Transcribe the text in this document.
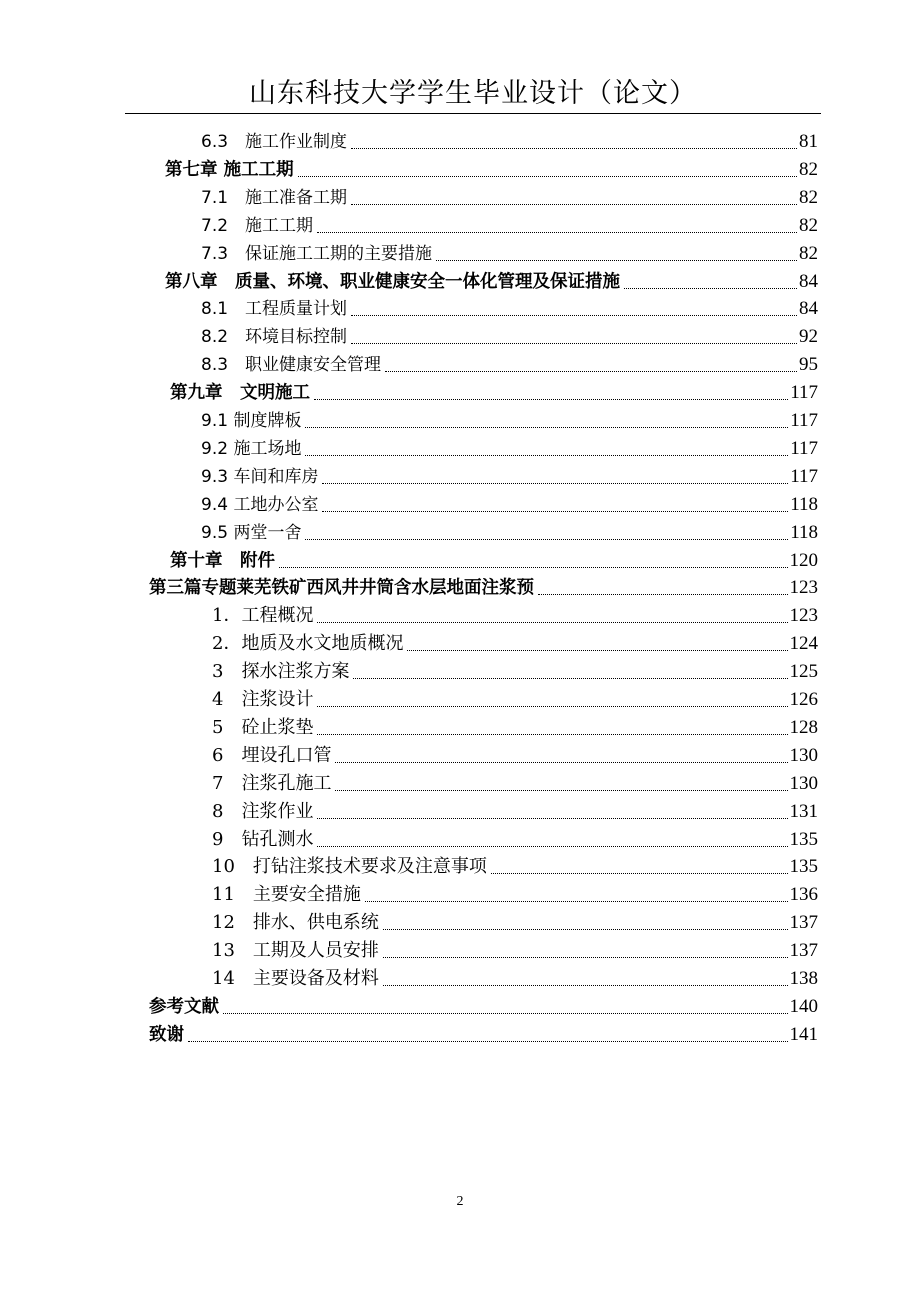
山东科技大学学生毕业设计（论文）
6.3　 施工作业制度	81
第七章 施工工期	82
7.1　 施工准备工期	82
7.2　 施工工期	82
7.3　 保证施工工期的主要措施	82
第八章　 质量、环境、职业健康安全一体化管理及保证措施	84
8.1　 工程质量计划	84
8.2　 环境目标控制	92
8.3　 职业健康安全管理	95
第九章　 文明施工	117
9.1 制度牌板	117
9.2 施工场地	117
9.3 车间和库房	117
9.4 工地办公室	118
9.5 两堂一舍	118
第十章　 附件	120
第三篇专题莱芜铁矿西风井井筒含水层地面注浆预	123
1． 工程概况	123
2． 地质及水文地质概况	124
3　 探水注浆方案	125
4　 注浆设计	126
5　 砼止浆垫	128
6　 埋设孔口管	130
7　 注浆孔施工	130
8　 注浆作业	131
9　 钻孔测水	135
10　 打钻注浆技术要求及注意事项	135
11　 主要安全措施	136
12　 排水、供电系统	137
13　 工期及人员安排	137
14　 主要设备及材料	138
参考文献	140
致谢	141
2
